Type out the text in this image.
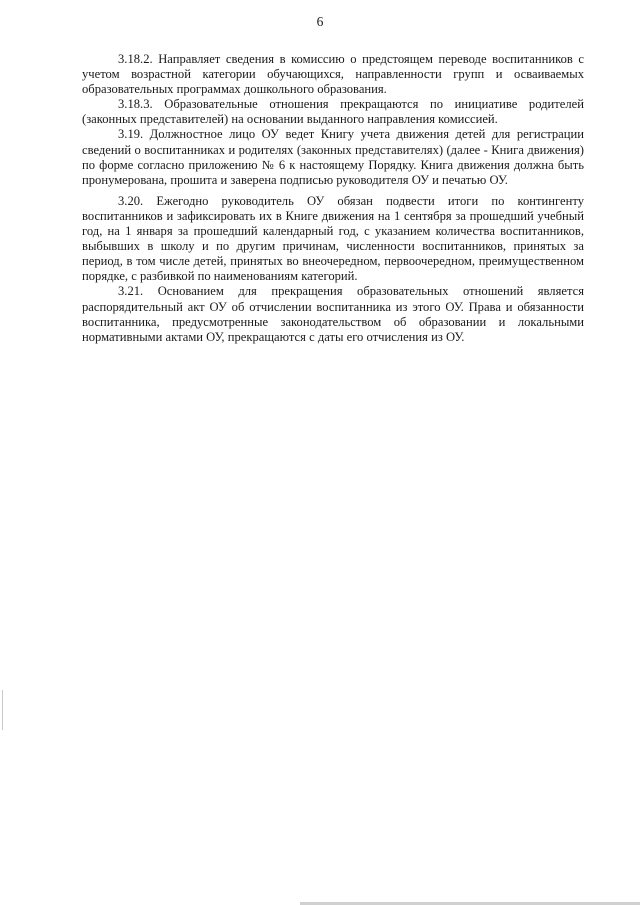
6

3.18.2. Направляет сведения в комиссию о предстоящем переводе воспитанников с учетом возрастной категории обучающихся, направленности групп и осваиваемых образовательных программах дошкольного образования.

3.18.3. Образовательные отношения прекращаются по инициативе родителей (законных представителей) на основании выданного направления комиссией.

3.19. Должностное лицо ОУ ведет Книгу учета движения детей для регистрации сведений о воспитанниках и родителях (законных представителях) (далее - Книга движения) по форме согласно приложению № 6 к настоящему Порядку. Книга движения должна быть пронумерована, прошита и заверена подписью руководителя ОУ и печатью ОУ.

3.20. Ежегодно руководитель ОУ обязан подвести итоги по контингенту воспитанников и зафиксировать их в Книге движения на 1 сентября за прошедший учебный год, на 1 января за прошедший календарный год, с указанием количества воспитанников, выбывших в школу и по другим причинам, численности воспитанников, принятых за период, в том числе детей, принятых во внеочередном, первоочередном, преимущественном порядке, с разбивкой по наименованиям категорий.

3.21. Основанием для прекращения образовательных отношений является распорядительный акт ОУ об отчислении воспитанника из этого ОУ. Права и обязанности воспитанника, предусмотренные законодательством об образовании и локальными нормативными актами ОУ, прекращаются с даты его отчисления из ОУ.
